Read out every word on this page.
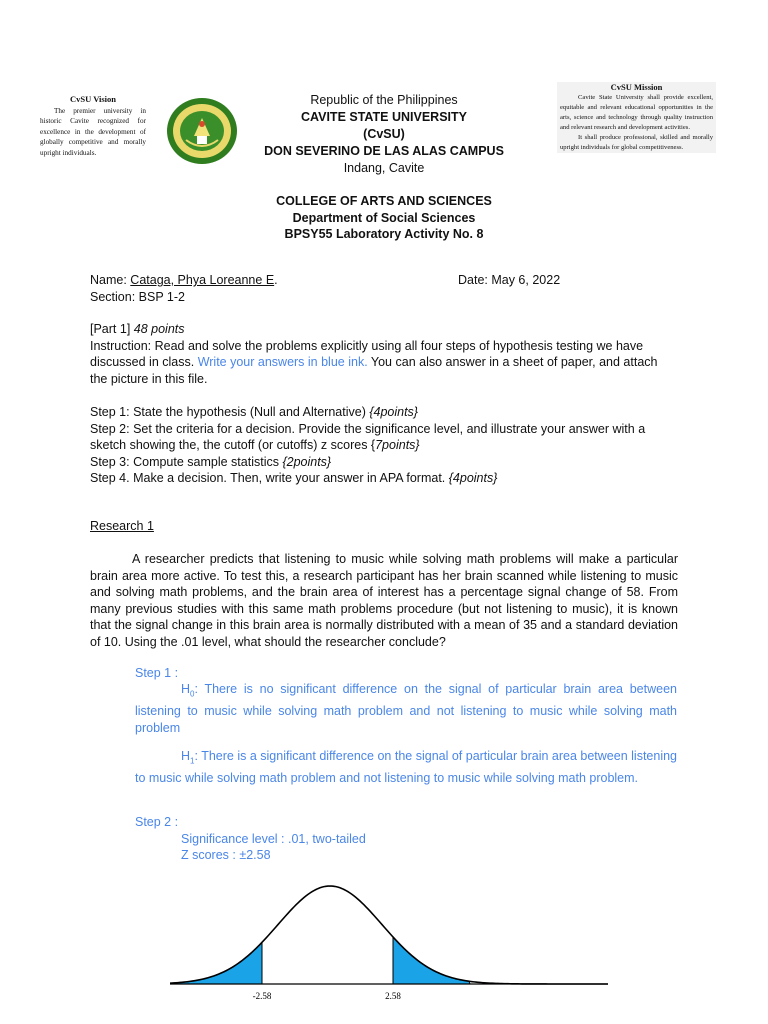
CvSU Vision

The premier university in historic Cavite recognized for excellence in the development of globally competitive and morally upright individuals.

Republic of the Philippines
CAVITE STATE UNIVERSITY
(CvSU)
DON SEVERINO DE LAS ALAS CAMPUS
Indang, Cavite
CvSU Mission

Cavite State University shall provide excellent, equitable and relevant educational opportunities in the arts, science and technology through quality instruction and relevant research and development activities.

It shall produce professional, skilled and morally upright individuals for global competitiveness.

COLLEGE OF ARTS AND SCIENCES
Department of Social Sciences
BPSY55 Laboratory Activity No. 8
Name: Cataga, Phya Loreanne E.	Date: May 6, 2022
Section: BSP 1-2
[Part 1] 48 points
Instruction: Read and solve the problems explicitly using all four steps of hypothesis testing we have discussed in class. Write your answers in blue ink. You can also answer in a sheet of paper, and attach the picture in this file.
Step 1: State the hypothesis (Null and Alternative) {4points}
Step 2: Set the criteria for a decision. Provide the significance level, and illustrate your answer with a sketch showing the, the cutoff (or cutoffs) z scores {7points}
Step 3: Compute sample statistics {2points}
Step 4. Make a decision. Then, write your answer in APA format. {4points}
Research 1
A researcher predicts that listening to music while solving math problems will make a particular brain area more active. To test this, a research participant has her brain scanned while listening to music and solving math problems, and the brain area of interest has a percentage signal change of 58. From many previous studies with this same math problems procedure (but not listening to music), it is known that the signal change in this brain area is normally distributed with a mean of 35 and a standard deviation of 10. Using the .01 level, what should the researcher conclude?
Step 1 :
$H_0$: There is no significant difference on the signal of particular brain area between listening to music while solving math problem and not listening to music while solving math problem
$H_1$: There is a significant difference on the signal of particular brain area between listening to music while solving math problem and not listening to music while solving math problem.
Step 2 :
Significance level : .01, two-tailed
Z scores : ±2.58
-2.58	2.58
